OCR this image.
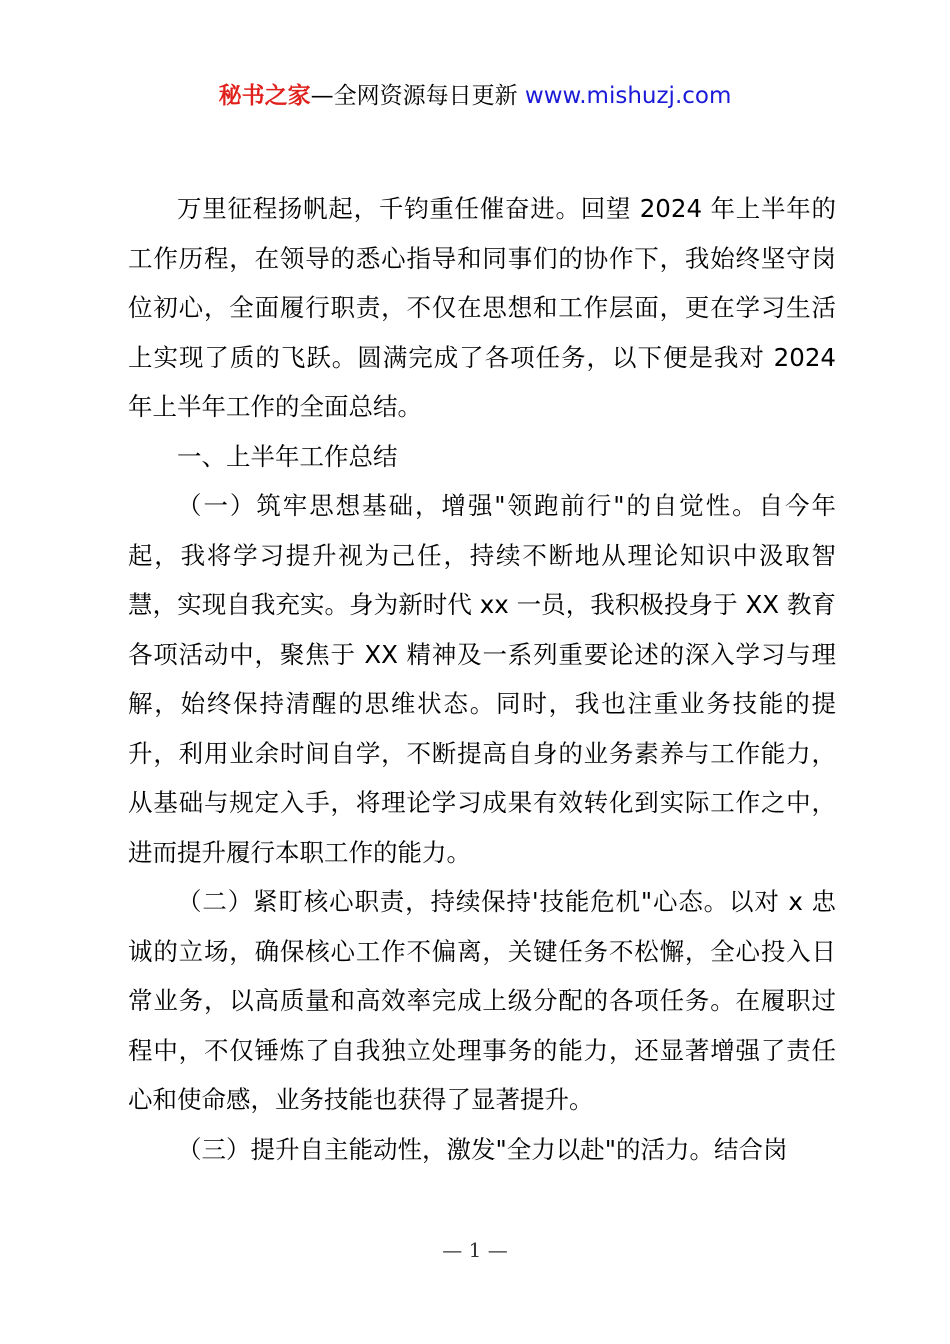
秘书之家—全网资源每日更新 www.mishuzj.com

万里征程扬帆起，千钧重任催奋进。回望 2024 年上半年的工作历程，在领导的悉心指导和同事们的协作下，我始终坚守岗位初心，全面履行职责，不仅在思想和工作层面，更在学习生活上实现了质的飞跃。圆满完成了各项任务，以下便是我对 2024 年上半年工作的全面总结。

一、上半年工作总结

（一）筑牢思想基础，增强"领跑前行"的自觉性。自今年起，我将学习提升视为己任，持续不断地从理论知识中汲取智慧，实现自我充实。身为新时代 xx 一员，我积极投身于 XX 教育各项活动中，聚焦于 XX 精神及一系列重要论述的深入学习与理解，始终保持清醒的思维状态。同时，我也注重业务技能的提升，利用业余时间自学，不断提高自身的业务素养与工作能力，从基础与规定入手，将理论学习成果有效转化到实际工作之中，进而提升履行本职工作的能力。

（二）紧盯核心职责，持续保持'技能危机"心态。以对 x 忠诚的立场，确保核心工作不偏离，关键任务不松懈，全心投入日常业务，以高质量和高效率完成上级分配的各项任务。在履职过程中，不仅锤炼了自我独立处理事务的能力，还显著增强了责任心和使命感，业务技能也获得了显著提升。

（三）提升自主能动性，激发"全力以赴"的活力。结合岗

— 1 —
